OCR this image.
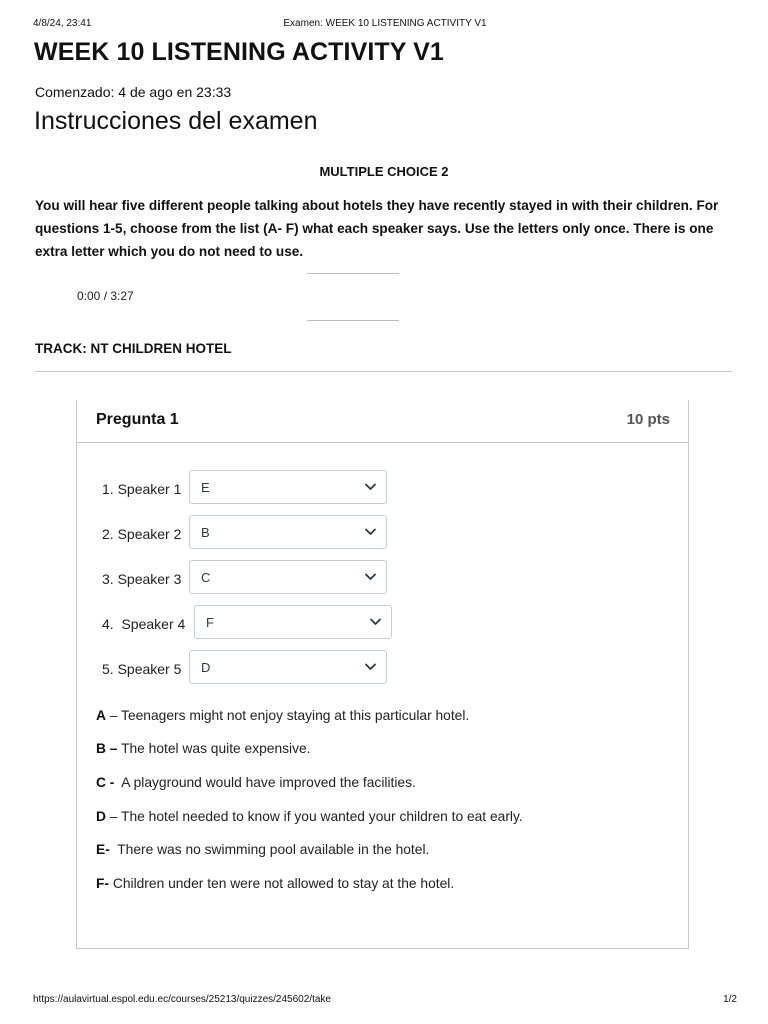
4/8/24, 23:41	Examen: WEEK 10 LISTENING ACTIVITY V1
WEEK 10 LISTENING ACTIVITY V1
Comenzado: 4 de ago en 23:33
Instrucciones del examen
MULTIPLE CHOICE 2
You will hear five different people talking about hotels they have recently stayed in with their children. For questions 1-5, choose from the list (A- F) what each speaker says. Use the letters only once. There is one extra letter which you do not need to use.
0:00 / 3:27
TRACK: NT CHILDREN HOTEL
Pregunta 1	10 pts
1. Speaker 1 E
2. Speaker 2 B
3. Speaker 3 C
4.  Speaker 4 F
5. Speaker 5 D
A – Teenagers might not enjoy staying at this particular hotel.
B – The hotel was quite expensive.
C -  A playground would have improved the facilities.
D – The hotel needed to know if you wanted your children to eat early.
E-  There was no swimming pool available in the hotel.
F- Children under ten were not allowed to stay at the hotel.
https://aulavirtual.espol.edu.ec/courses/25213/quizzes/245602/take	1/2
